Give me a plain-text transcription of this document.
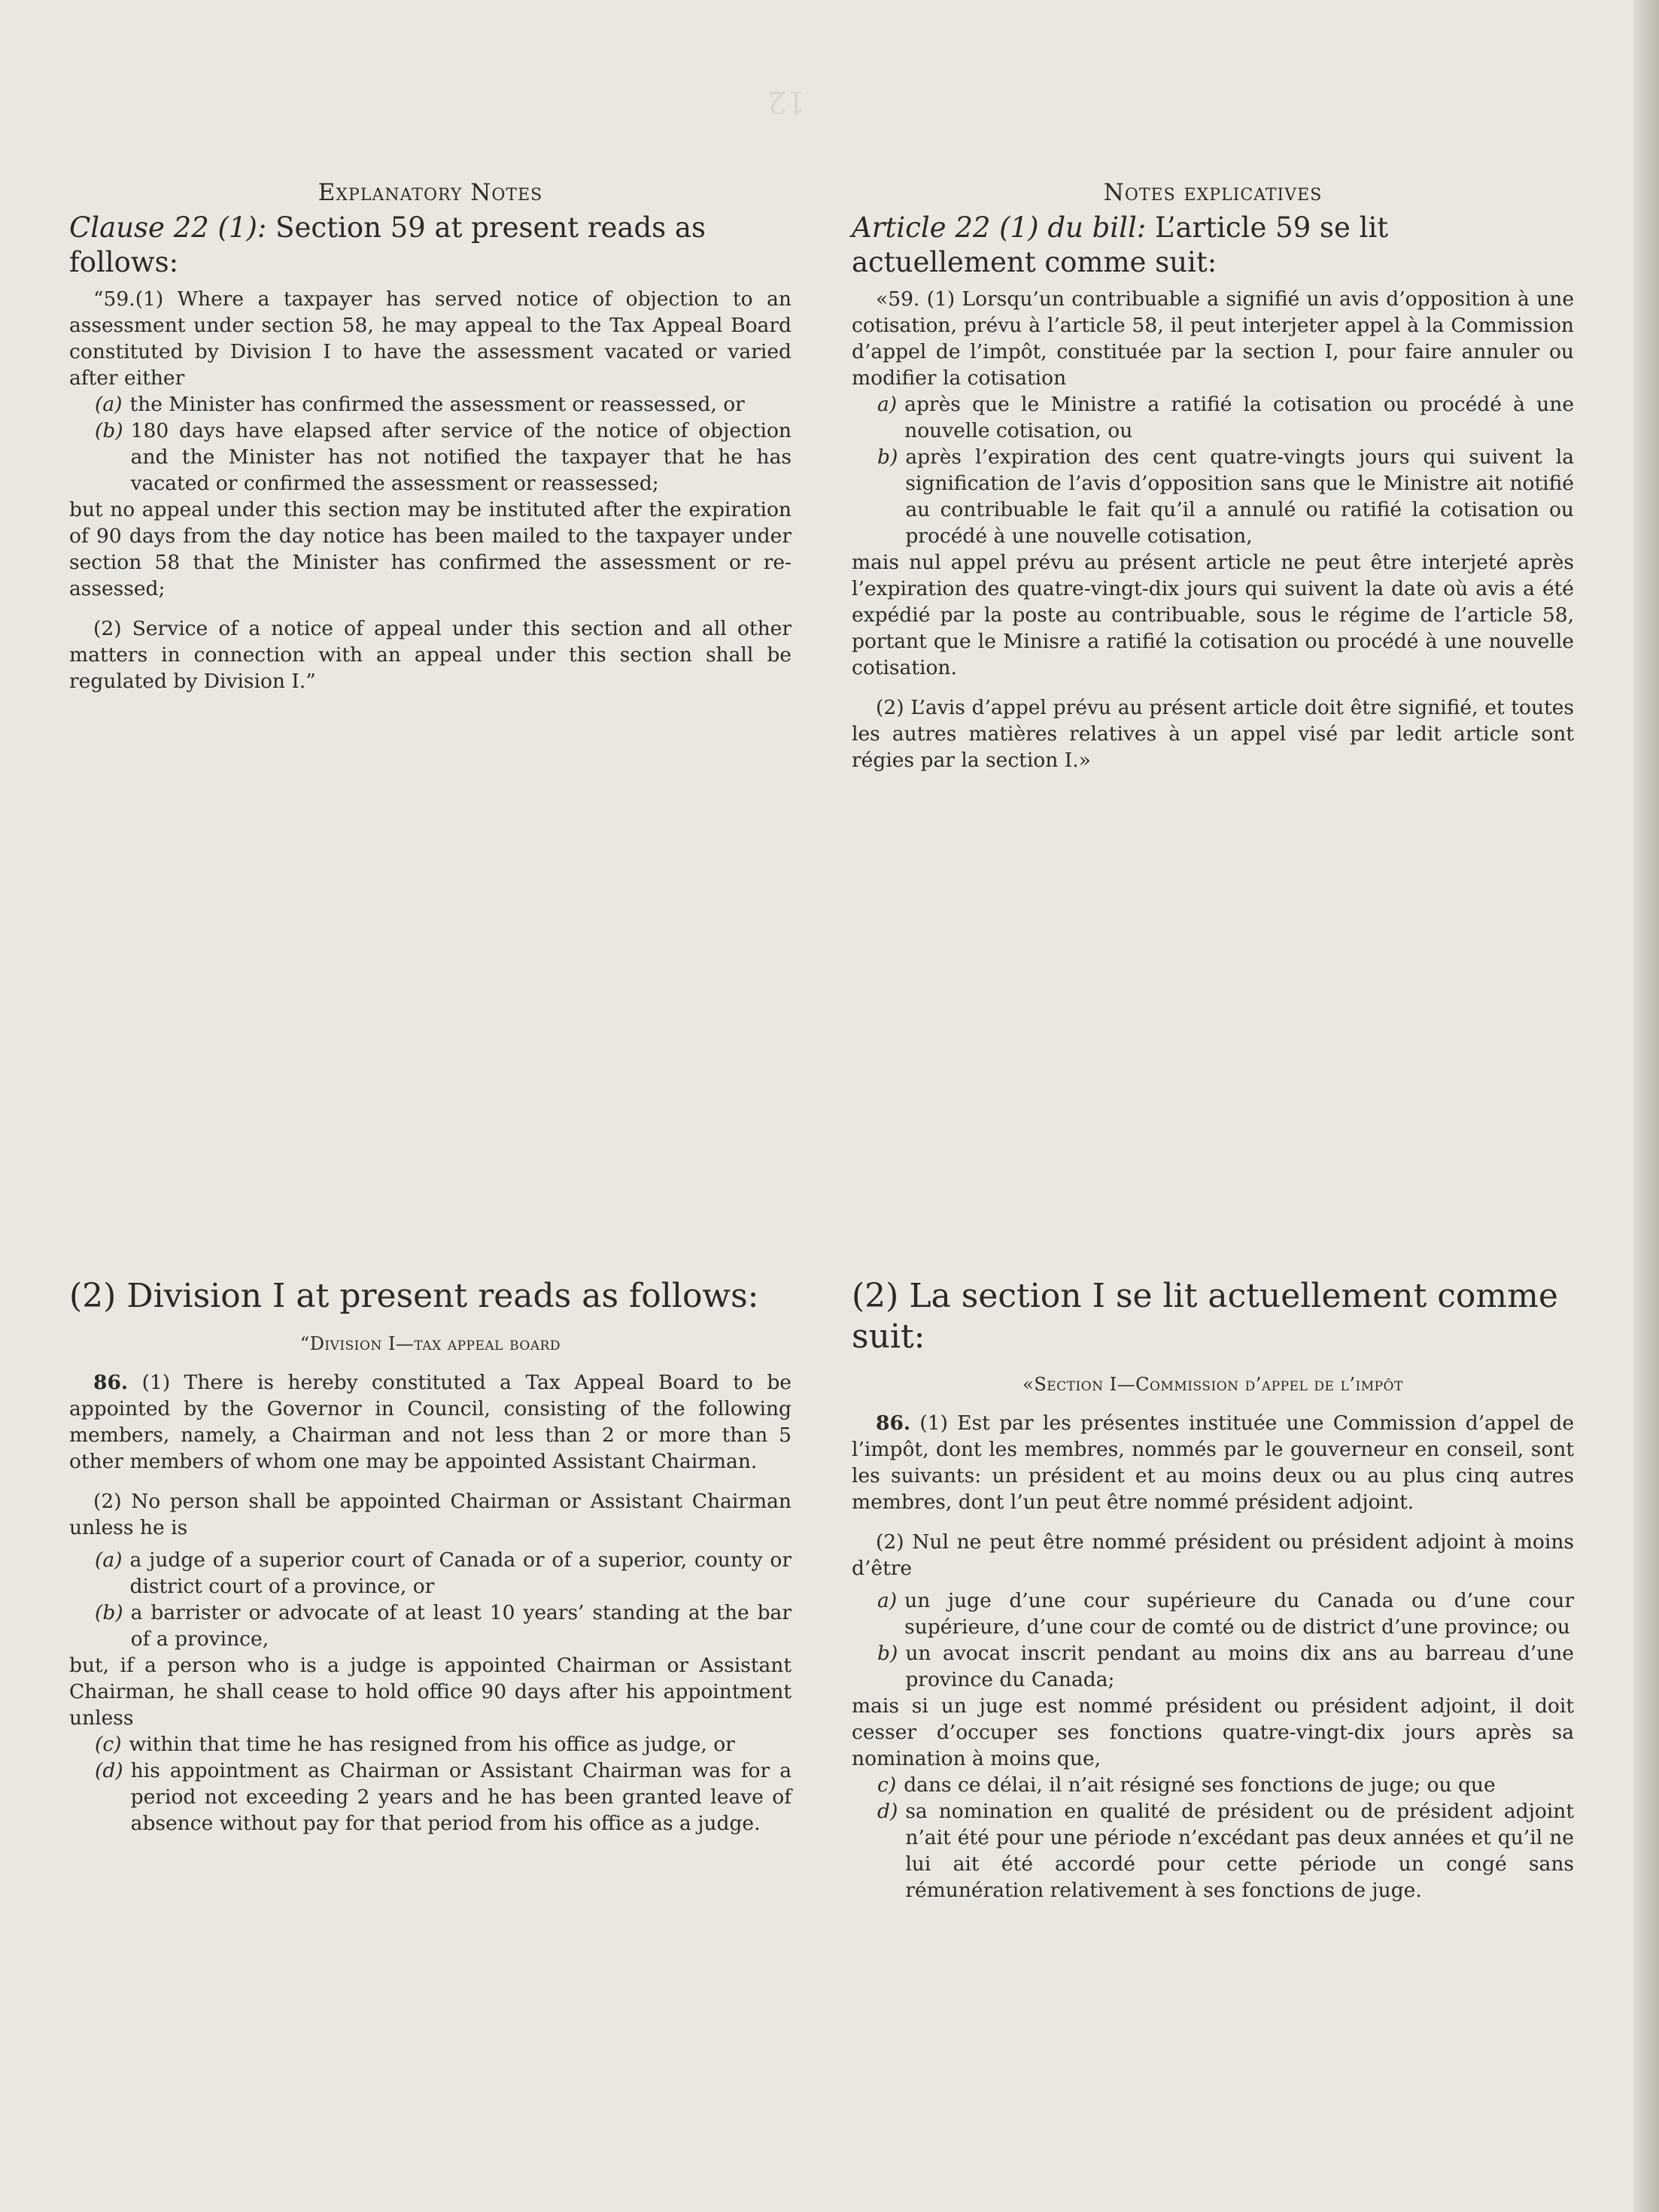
12

Explanatory Notes

Clause 22 (1): Section 59 at present reads as follows:

“59.(1) Where a taxpayer has served notice of objection to an assessment under section 58, he may appeal to the Tax Appeal Board constituted by Division I to have the assessment vacated or varied after either

(a) the Minister has confirmed the assessment or reassessed, or
(b) 180 days have elapsed after service of the notice of objection and the Minister has not notified the taxpayer that he has vacated or confirmed the assessment or reassessed;

but no appeal under this section may be instituted after the expiration of 90 days from the day notice has been mailed to the taxpayer under section 58 that the Minister has confirmed the assessment or re-assessed;

(2) Service of a notice of appeal under this section and all other matters in connection with an appeal under this section shall be regulated by Division I.”

Notes explicatives

Article 22 (1) du bill: L’article 59 se lit actuellement comme suit:

«59. (1) Lorsqu’un contribuable a signifié un avis d’opposition à une cotisation, prévu à l’article 58, il peut interjeter appel à la Commission d’appel de l’impôt, constituée par la section I, pour faire annuler ou modifier la cotisation

a) après que le Ministre a ratifié la cotisation ou procédé à une nouvelle cotisation, ou
b) après l’expiration des cent quatre-vingts jours qui suivent la signification de l’avis d’opposition sans que le Ministre ait notifié au contribuable le fait qu’il a annulé ou ratifié la cotisation ou procédé à une nouvelle cotisation,

mais nul appel prévu au présent article ne peut être interjeté après l’expiration des quatre-vingt-dix jours qui suivent la date où avis a été expédié par la poste au contribuable, sous le régime de l’article 58, portant que le Minisre a ratifié la cotisation ou procédé à une nouvelle cotisation.

(2) L’avis d’appel prévu au présent article doit être signifié, et toutes les autres matières relatives à un appel visé par ledit article sont régies par la section I.»

(2) Division I at present reads as follows:

“Division I—tax appeal board

86. (1) There is hereby constituted a Tax Appeal Board to be appointed by the Governor in Council, consisting of the following members, namely, a Chairman and not less than 2 or more than 5 other members of whom one may be appointed Assistant Chairman.

(2) No person shall be appointed Chairman or Assistant Chairman unless he is

(a) a judge of a superior court of Canada or of a superior, county or district court of a province, or
(b) a barrister or advocate of at least 10 years’ standing at the bar of a province,

but, if a person who is a judge is appointed Chairman or Assistant Chairman, he shall cease to hold office 90 days after his appointment unless

(c) within that time he has resigned from his office as judge, or
(d) his appointment as Chairman or Assistant Chairman was for a period not exceeding 2 years and he has been granted leave of absence without pay for that period from his office as a judge.

(2) La section I se lit actuellement comme suit:

«Section I—Commission d’appel de l’impôt

86. (1) Est par les présentes instituée une Commission d’appel de l’impôt, dont les membres, nommés par le gouverneur en conseil, sont les suivants: un président et au moins deux ou au plus cinq autres membres, dont l’un peut être nommé président adjoint.

(2) Nul ne peut être nommé président ou président adjoint à moins d’être

a) un juge d’une cour supérieure du Canada ou d’une cour supérieure, d’une cour de comté ou de district d’une province; ou
b) un avocat inscrit pendant au moins dix ans au barreau d’une province du Canada;

mais si un juge est nommé président ou président adjoint, il doit cesser d’occuper ses fonctions quatre-vingt-dix jours après sa nomination à moins que,

c) dans ce délai, il n’ait résigné ses fonctions de juge; ou que
d) sa nomination en qualité de président ou de président adjoint n’ait été pour une période n’excédant pas deux années et qu’il ne lui ait été accordé pour cette période un congé sans rémunération relativement à ses fonctions de juge.
